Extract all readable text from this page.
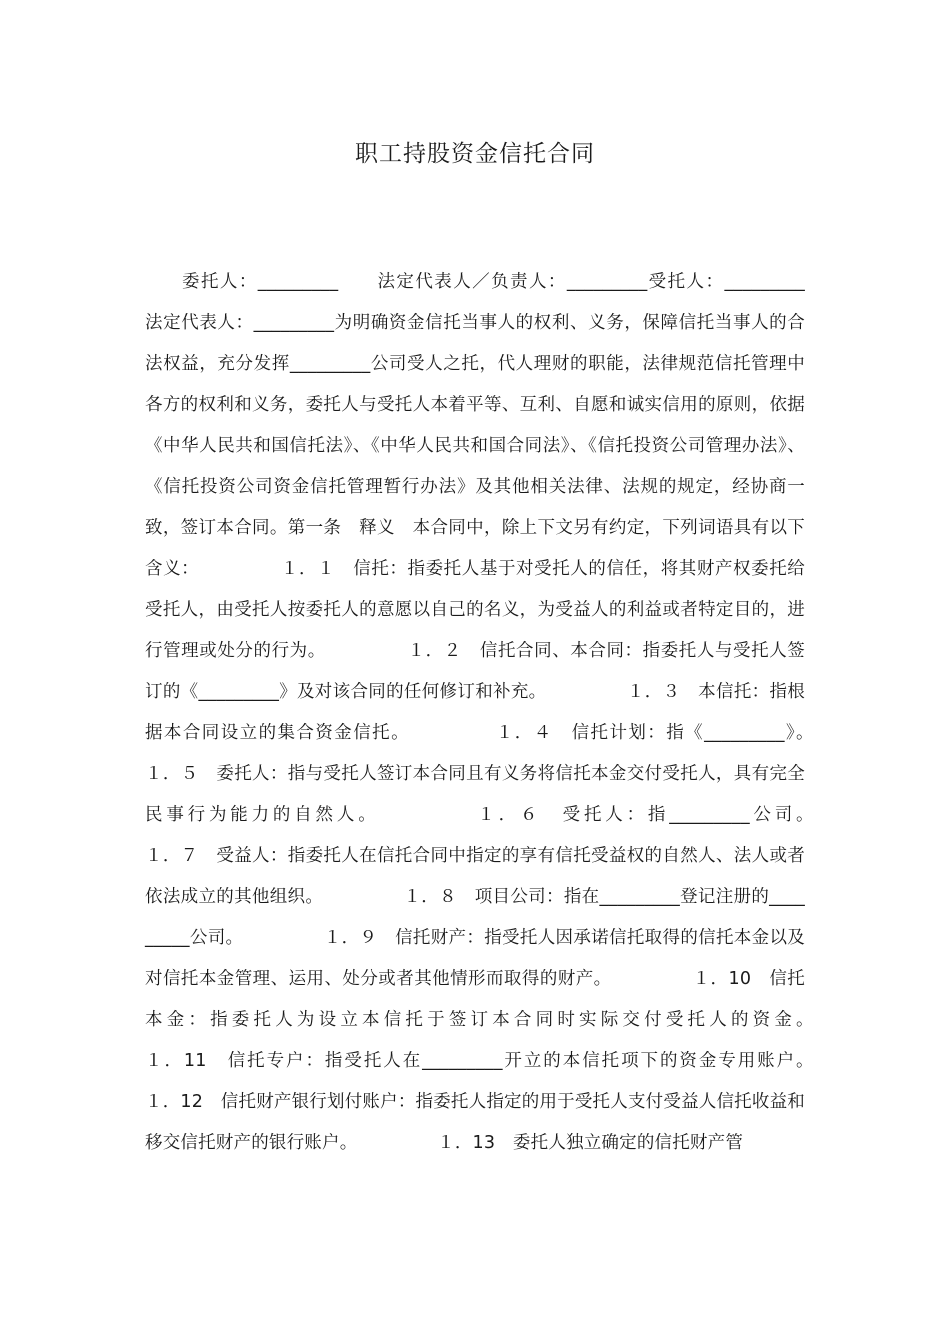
职工持股资金信托合同

委托人：_________　　法定代表人／负责人：_________受托人：_________　　法定代表人：_________为明确资金信托当事人的权利、义务，保障信托当事人的合法权益，充分发挥_________公司受人之托，代人理财的职能，法律规范信托管理中各方的权利和义务，委托人与受托人本着平等、互利、自愿和诚实信用的原则，依据《中华人民共和国信托法》、《中华人民共和国合同法》、《信托投资公司管理办法》、《信托投资公司资金信托管理暂行办法》及其他相关法律、法规的规定，经协商一致，签订本合同。第一条　释义　本合同中，除上下文另有约定，下列词语具有以下含义：　　　　　１．１　信托：指委托人基于对受托人的信任，将其财产权委托给受托人，由受托人按委托人的意愿以自己的名义，为受益人的利益或者特定目的，进行管理或处分的行为。　　　　　１．２　信托合同、本合同：指委托人与受托人签订的《_________》及对该合同的任何修订和补充。　　　　　１．３　本信托：指根据本合同设立的集合资金信托。　　　　　１．４　信托计划：指《_________》。　　　　　１．５　委托人：指与受托人签订本合同且有义务将信托本金交付受托人，具有完全民事行为能力的自然人。　　　　　１．６　受托人：指_________公司。　　　　　１．７　受益人：指委托人在信托合同中指定的享有信托受益权的自然人、法人或者依法成立的其他组织。　　　　　１．８　项目公司：指在_________登记注册的_________公司。　　　　　１．９　信托财产：指受托人因承诺信托取得的信托本金以及对信托本金管理、运用、处分或者其他情形而取得的财产。　　　　　１．10　信托本金：指委托人为设立本信托于签订本合同时实际交付受托人的资金。　　　　　１．11　信托专户：指受托人在_________开立的本信托项下的资金专用账户。　　　　　１．12　信托财产银行划付账户：指委托人指定的用于受托人支付受益人信托收益和移交信托财产的银行账户。　　　　　１．13　委托人独立确定的信托财产管
